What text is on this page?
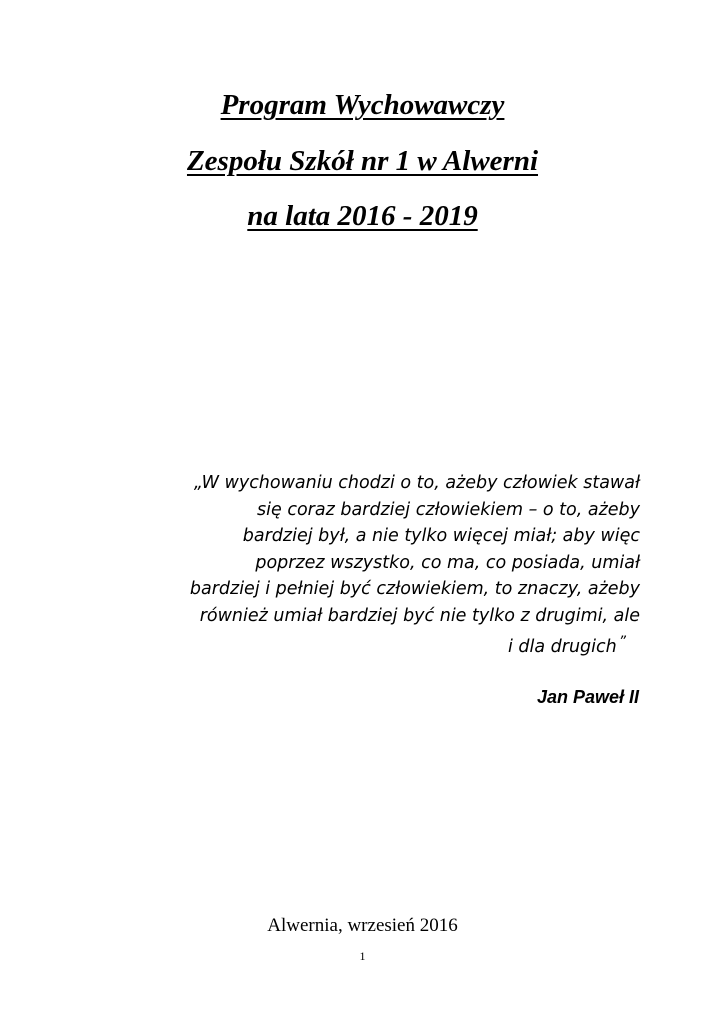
Program Wychowawczy
Zespołu Szkół nr 1 w Alwerni
na lata 2016 - 2019
„W wychowaniu chodzi o to, ażeby człowiek stawał
się coraz bardziej człowiekiem – o to, ażeby
bardziej był, a nie tylko więcej miał; aby więc
poprzez wszystko, co ma, co posiada, umiał
bardziej i pełniej być człowiekiem, to znaczy, ażeby
również umiał bardziej być nie tylko z drugimi, ale
i dla drugich ”

Jan Paweł II

Alwernia, wrzesień 2016

1
